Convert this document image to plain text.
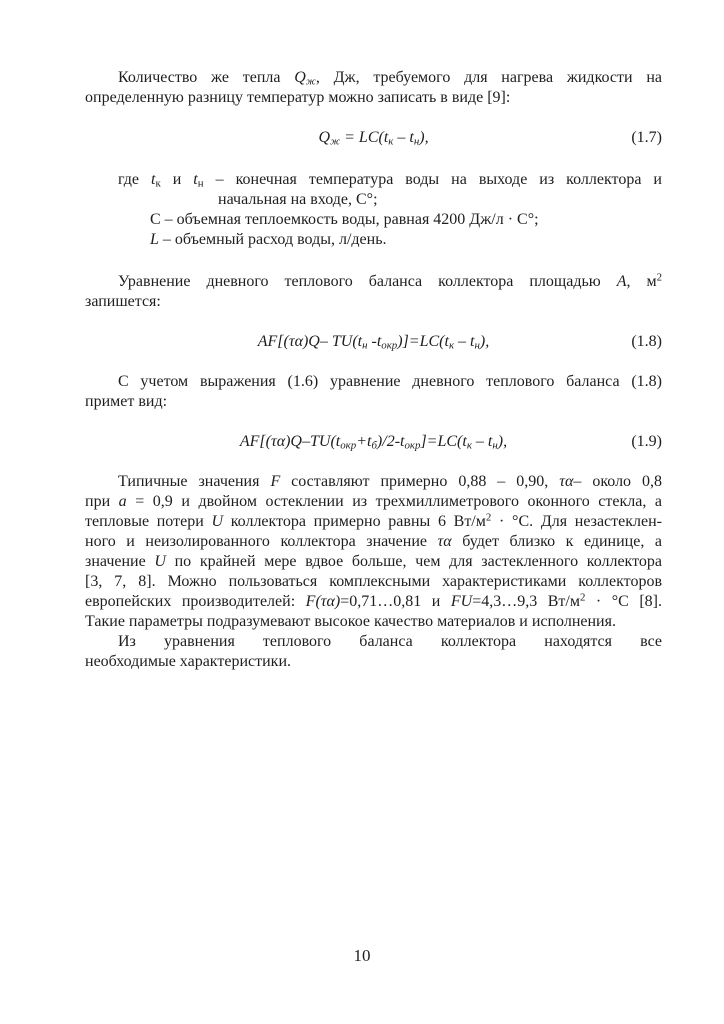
Количество же тепла $Q_ж$, Дж, требуемого для нагрева жидкости на
определенную разницу температур можно записать в виде [9]:
$Q_ж = LC(t_к - t_н)$,	(1.7)
где $t_к$ и $t_н$ – конечная температура воды на выходе из коллектора и
начальная на входе, С°;
С – объемная теплоемкость воды, равная 4200 Дж/л · С°;
L – объемный расход воды, л/день.
Уравнение дневного теплового баланса коллектора площадью А, $м^2$
запишется:
AF[(τα)Q– $TU(t_н$ $-t_{окр})]=LC(t_к - t_н)$,	(1.8)
С учетом выражения (1.6) уравнение дневного теплового баланса (1.8)
примет вид:
$AF[(\tau\alpha)Q-TU(t_{окр}+t_б)/2-t_{окр}]=LC(t_к - t_н)$,	(1.9)
Типичные значения F составляют примерно 0,88 – 0,90, τα– около 0,8
при а = 0,9 и двойном остеклении из трехмиллиметрового оконного стекла, а
тепловые потери U коллектора примерно равны 6 $Вт/м^2 \cdot ^\circ С$. Для незастеклен-
ного и неизолированного коллектора значение τα будет близко к единице, а
значение U по крайней мере вдвое больше, чем для застекленного коллектора
[3, 7, 8]. Можно пользоваться комплексными характеристиками коллекторов
европейских производителей: F(τα)=0,71…0,81 и FU=4,3…9,3 $Вт/м^2 \cdot ^\circ С$ [8].
Такие параметры подразумевают высокое качество материалов и исполнения.
Из уравнения теплового баланса коллектора находятся все
необходимые характеристики.
10
